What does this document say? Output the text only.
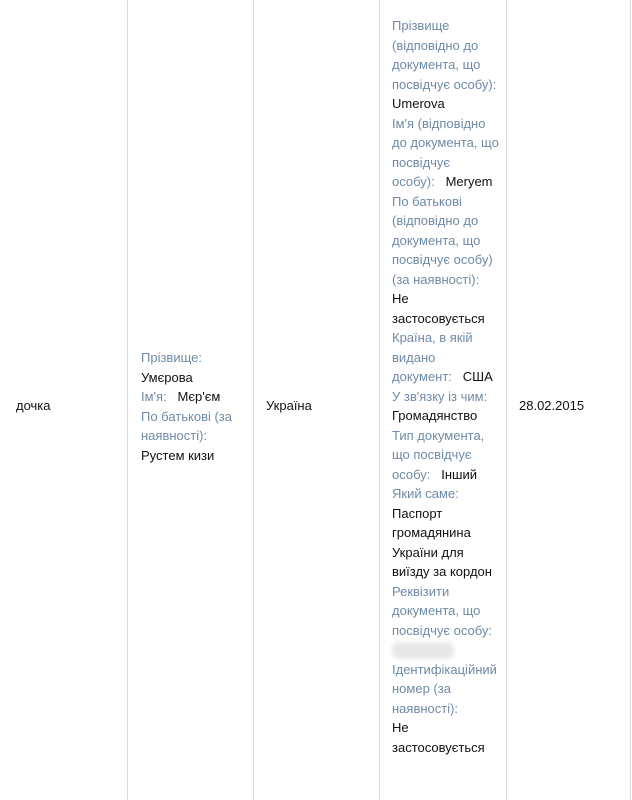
дочка
Прізвище:
Умєрова
Ім'я: Мєр'єм
По батькові (за наявності):
Рустем кизи
Україна
Прізвище (відповідно до документа, що посвідчує особу):
Umerova
Ім'я (відповідно до документа, що посвідчує особу): Meryem
По батькові (відповідно до документа, що посвідчує особу) (за наявності):   Не застосовується
Країна, в якій видано документ: США
У зв'язку із чим:
Громадянство
Тип документа, що посвідчує особу: Інший
Який саме:
Паспорт громадянина України для виїзду за кордон
Реквізити документа, що посвідчує особу:
Ідентифікаційний номер (за наявності):
Не застосовується
28.02.2015
